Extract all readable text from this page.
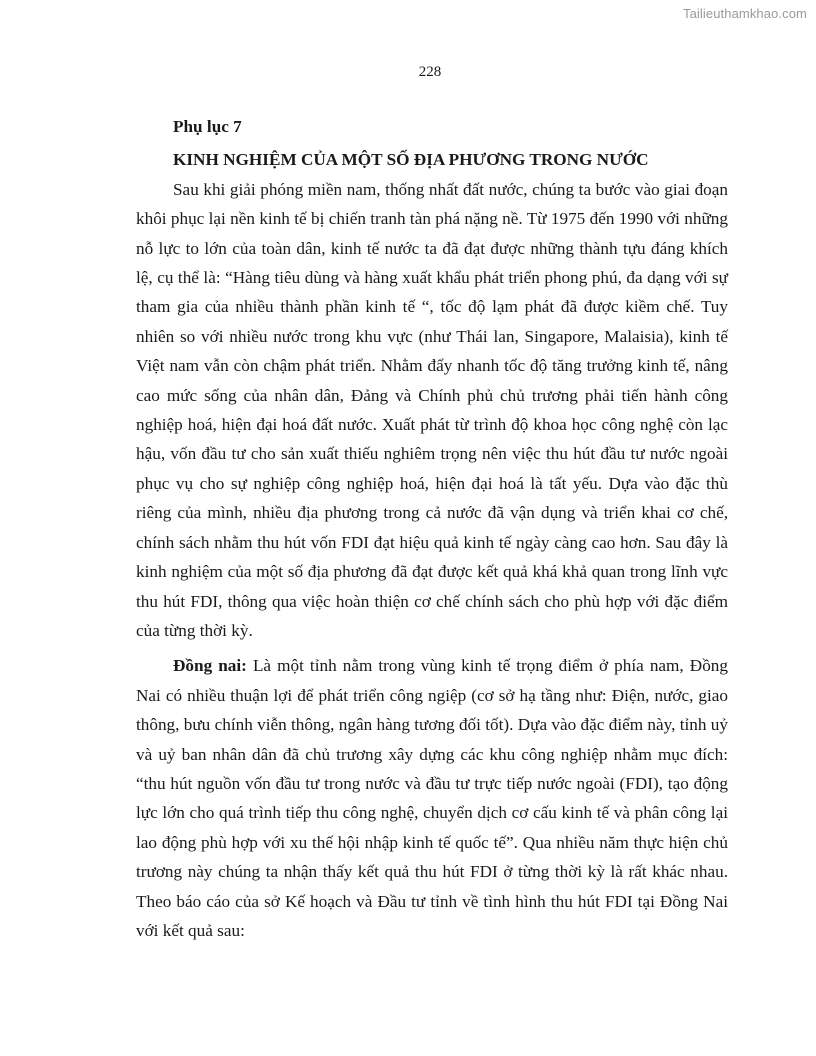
Tailieuthamkhao.com
228
Phụ lục 7
KINH NGHIỆM CỦA MỘT SỐ ĐỊA PHƯƠNG TRONG NƯỚC

Sau khi giải phóng miền nam, thống nhất đất nước, chúng ta bước vào giai đoạn khôi phục lại nền kinh tế bị chiến tranh tàn phá nặng nề. Từ 1975 đến 1990 với những nỗ lực to lớn của toàn dân, kinh tế nước ta đã đạt được những thành tựu đáng khích lệ, cụ thể là: “Hàng tiêu dùng và hàng xuất khẩu phát triển phong phú, đa dạng với sự tham gia của nhiều thành phần kinh tế “, tốc độ lạm phát đã được kiềm chế. Tuy nhiên so với nhiều nước trong khu vực (như Thái lan, Singapore, Malaisia), kinh tế Việt nam vẫn còn chậm phát triển. Nhằm đẩy nhanh tốc độ tăng trưởng kinh tế, nâng cao mức sống của nhân dân, Đảng và Chính phủ chủ trương phải tiến hành công nghiệp hoá, hiện đại hoá đất nước. Xuất phát từ trình độ khoa học công nghệ còn lạc hậu, vốn đầu tư cho sản xuất thiếu nghiêm trọng nên việc thu hút đầu tư nước ngoài phục vụ cho sự nghiệp công nghiệp hoá, hiện đại hoá là tất yếu. Dựa vào đặc thù riêng của mình, nhiều địa phương trong cả nước đã vận dụng và triển khai cơ chế, chính sách nhằm thu hút vốn FDI đạt hiệu quả kinh tế ngày càng cao hơn. Sau đây là kinh nghiệm của một số địa phương đã đạt được kết quả khá khả quan trong lĩnh vực thu hút FDI, thông qua việc hoàn thiện cơ chế chính sách cho phù hợp với đặc điểm của từng thời kỳ.

Đồng nai: Là một tỉnh nằm trong vùng kinh tế trọng điểm ở phía nam, Đồng Nai có nhiều thuận lợi để phát triển công ngiệp (cơ sở hạ tầng như: Điện, nước, giao thông, bưu chính viễn thông, ngân hàng tương đối tốt). Dựa vào đặc điểm này, tỉnh uỷ và uỷ ban nhân dân đã chủ trương xây dựng các khu công nghiệp nhằm mục đích: “thu hút nguồn vốn đầu tư trong nước và đầu tư trực tiếp nước ngoài (FDI), tạo động lực lớn cho quá trình tiếp thu công nghệ, chuyển dịch cơ cấu kinh tế và phân công lại lao động phù hợp với xu thế hội nhập kinh tế quốc tế”. Qua nhiều năm thực hiện chủ trương này chúng ta nhận thấy kết quả thu hút FDI ở từng thời kỳ là rất khác nhau. Theo báo cáo của sở Kế hoạch và Đầu tư tỉnh về tình hình thu hút FDI tại Đồng Nai với kết quả sau:
